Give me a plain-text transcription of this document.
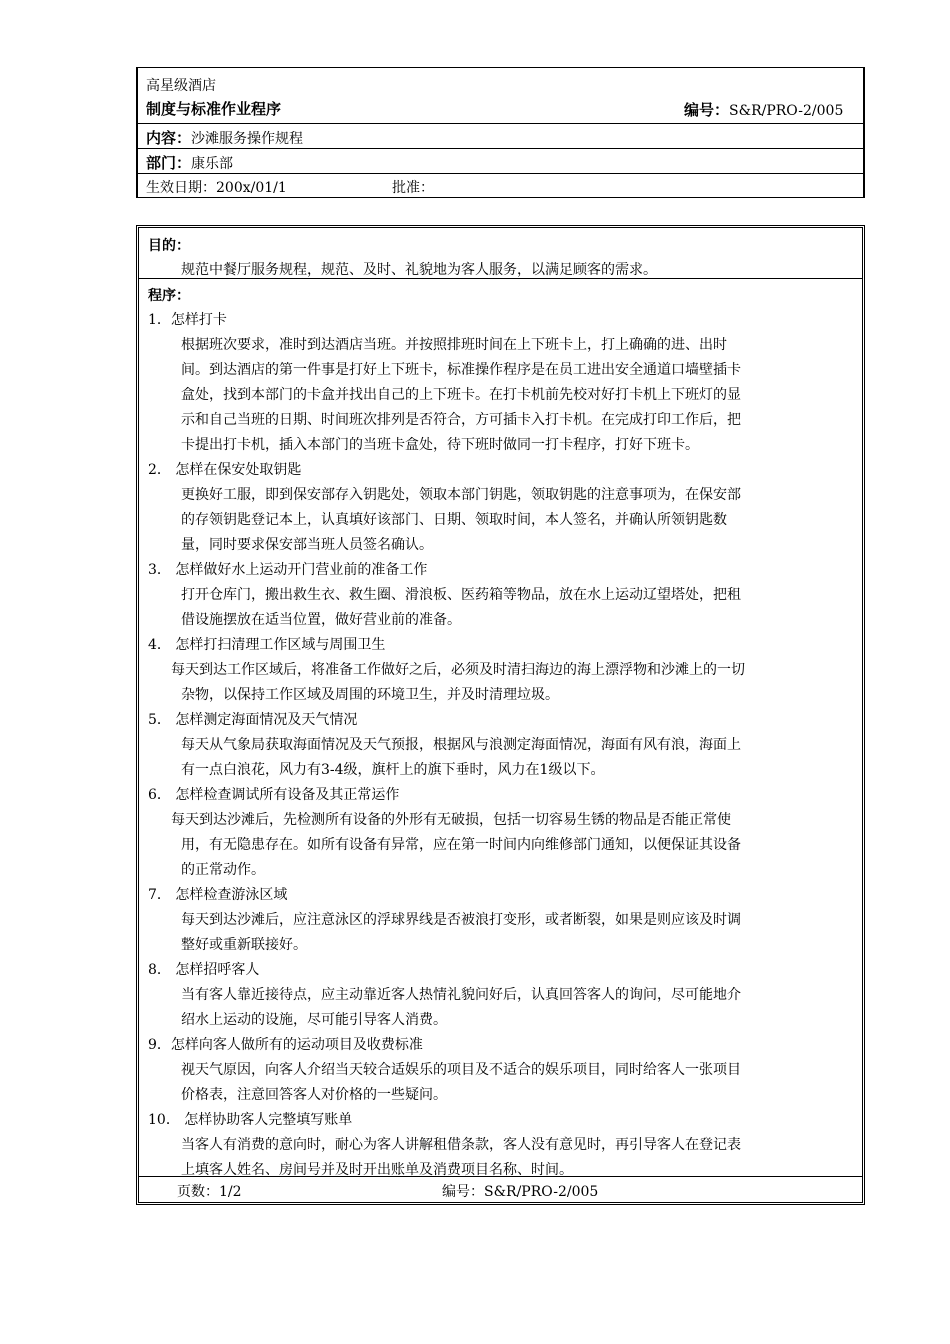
高星级酒店
制度与标准作业程序	编号：S&R/PRO-2/005
内容：沙滩服务操作规程
部门：康乐部
生效日期：200x/01/1	批准：
目的：
规范中餐厅服务规程，规范、及时、礼貌地为客人服务，以满足顾客的需求。
程序：
1．怎样打卡
根据班次要求，准时到达酒店当班。并按照排班时间在上下班卡上，打上确确的进、出时
间。到达酒店的第一件事是打好上下班卡，标准操作程序是在员工进出安全通道口墙壁插卡
盒处，找到本部门的卡盒并找出自己的上下班卡。在打卡机前先校对好打卡机上下班灯的显
示和自己当班的日期、时间班次排列是否符合，方可插卡入打卡机。在完成打印工作后，把
卡提出打卡机，插入本部门的当班卡盒处，待下班时做同一打卡程序，打好下班卡。
2． 怎样在保安处取钥匙
更换好工服，即到保安部存入钥匙处，领取本部门钥匙，领取钥匙的注意事项为，在保安部
的存领钥匙登记本上，认真填好该部门、日期、领取时间，本人签名，并确认所领钥匙数
量，同时要求保安部当班人员签名确认。
3． 怎样做好水上运动开门营业前的准备工作
打开仓库门，搬出救生衣、救生圈、滑浪板、医药箱等物品，放在水上运动辽望塔处，把租
借设施摆放在适当位置，做好营业前的准备。
4． 怎样打扫清理工作区域与周围卫生
每天到达工作区域后，将准备工作做好之后，必须及时清扫海边的海上漂浮物和沙滩上的一切
杂物，以保持工作区域及周围的环境卫生，并及时清理垃圾。
5． 怎样测定海面情况及天气情况
每天从气象局获取海面情况及天气预报，根据风与浪测定海面情况，海面有风有浪，海面上
有一点白浪花，风力有3-4级，旗杆上的旗下垂时，风力在1级以下。
6． 怎样检查调试所有设备及其正常运作
每天到达沙滩后，先检测所有设备的外形有无破损，包括一切容易生锈的物品是否能正常使
用，有无隐患存在。如所有设备有异常，应在第一时间内向维修部门通知，以便保证其设备
的正常动作。
7． 怎样检查游泳区域
每天到达沙滩后，应注意泳区的浮球界线是否被浪打变形，或者断裂，如果是则应该及时调
整好或重新联接好。
8． 怎样招呼客人
当有客人靠近接待点，应主动靠近客人热情礼貌问好后，认真回答客人的询问，尽可能地介
绍水上运动的设施，尽可能引导客人消费。
9．怎样向客人做所有的运动项目及收费标准
视天气原因，向客人介绍当天较合适娱乐的项目及不适合的娱乐项目，同时给客人一张项目
价格表，注意回答客人对价格的一些疑问。
10． 怎样协助客人完整填写账单
当客人有消费的意向时，耐心为客人讲解租借条款，客人没有意见时，再引导客人在登记表
上填客人姓名、房间号并及时开出账单及消费项目名称、时间。
页数：1/2	编号：S&R/PRO-2/005
